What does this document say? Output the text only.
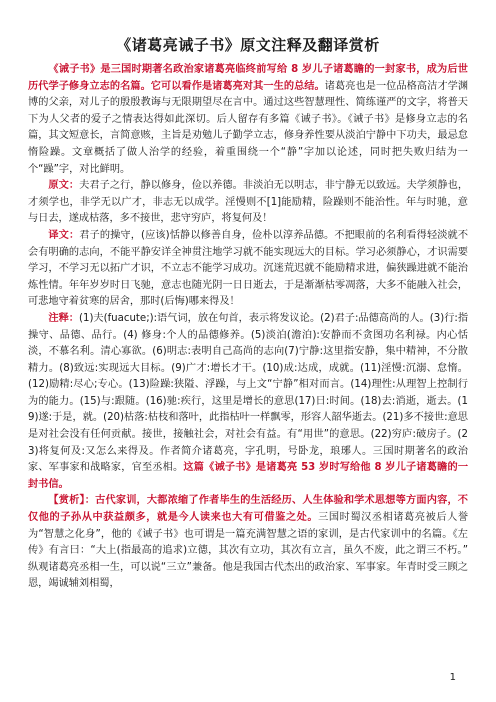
《诸葛亮诫子书》原文注释及翻译赏析

《诫子书》是三国时期著名政治家诸葛亮临终前写给 8 岁儿子诸葛瞻的一封家书，成为后世历代学子修身立志的名篇。它可以看作是诸葛亮对其一生的总结。诸葛亮也是一位品格高洁才学渊博的父亲，对儿子的殷殷教诲与无限期望尽在言中。通过这些智慧理性、简练谨严的文字，将普天下为人父者的爱子之情表达得如此深切。后人留存有多篇《诫子书》。《诫子书》是修身立志的名篇，其文短意长，言简意赅，主旨是劝勉儿子勤学立志，修身养性要从淡泊宁静中下功夫，最忌怠惰险躁。文章概括了做人治学的经验，着重围绕一个“静”字加以论述，同时把失败归结为一个“躁”字，对比鲜明。

原文：夫君子之行，静以修身，俭以养德。非淡泊无以明志，非宁静无以致远。夫学须静也，才须学也，非学无以广才，非志无以成学。淫慢则不[1]能励精，险躁则不能治性。年与时驰，意与日去，遂成枯落，多不接世，悲守穷庐，将复何及！

译文：君子的操守，(应该)恬静以修善自身，俭朴以淳养品德。不把眼前的名利看得轻淡就不会有明确的志向，不能平静安详全神贯注地学习就不能实现远大的目标。学习必须静心，才识需要学习，不学习无以拓广才识，不立志不能学习成功。沉迷荒迟就不能励精求进，偏狭躁进就不能治炼性情。年年岁岁时日飞驰，意志也随光阴一日日逝去，于是渐渐枯零凋落，大多不能融入社会，可悲地守着贫寒的居舍，那时(后悔)哪来得及！

注释：(1)夫(fuacute;):语气词，放在句首，表示将发议论。(2)君子:品德高尚的人。(3)行:指操守、品德、品行。(4) 修身:个人的品德修养。(5)淡泊(澹泊):安静而不贪图功名利禄。内心恬淡，不慕名利。清心寡欲。(6)明志:表明自己高尚的志向(7)宁静:这里指安静，集中精神，不分散精力。(8)致远:实现远大目标。(9)广才:增长才干。(10)成:达成，成就。(11)淫慢:沉溺、怠惰。(12)励精:尽心;专心。(13)险躁:狭隘、浮躁，与上文“宁静”相对而言。(14)理性:从理智上控制行为的能力。(15)与:跟随。(16)驰:疾行，这里是增长的意思(17)日:时间。(18)去:消逝，逝去。(19)遂:于是，就。(20)枯落:枯枝和落叶，此指枯叶一样飘零，形容人韶华逝去。(21)多不接世:意思是对社会没有任何贡献。接世，接触社会，对社会有益。有“用世”的意思。(22)穷庐:破房子。(23)将复何及:又怎么来得及。作者简介诸葛亮，字孔明，号卧龙，琅琊人。三国时期著名的政治家、军事家和战略家，官至丞相。这篇《诫子书》是诸葛亮 53 岁时写给他 8 岁儿子诸葛瞻的一封书信。

【赏析】：古代家训，大都浓缩了作者毕生的生活经历、人生体验和学术思想等方面内容，不仅他的子孙从中获益颇多，就是今人读来也大有可借鉴之处。三国时蜀汉丞相诸葛亮被后人誉为“智慧之化身”，他的《诫子书》也可谓是一篇充满智慧之语的家训，是古代家训中的名篇。《左传》有言曰：“大上(指最高的追求)立德，其次有立功，其次有立言，虽久不废，此之谓三不朽。” 纵观诸葛亮丞相一生，可以说“三立”兼备。他是我国古代杰出的政治家、军事家。年青时受三顾之恩，竭诚辅刘相蜀，

1
